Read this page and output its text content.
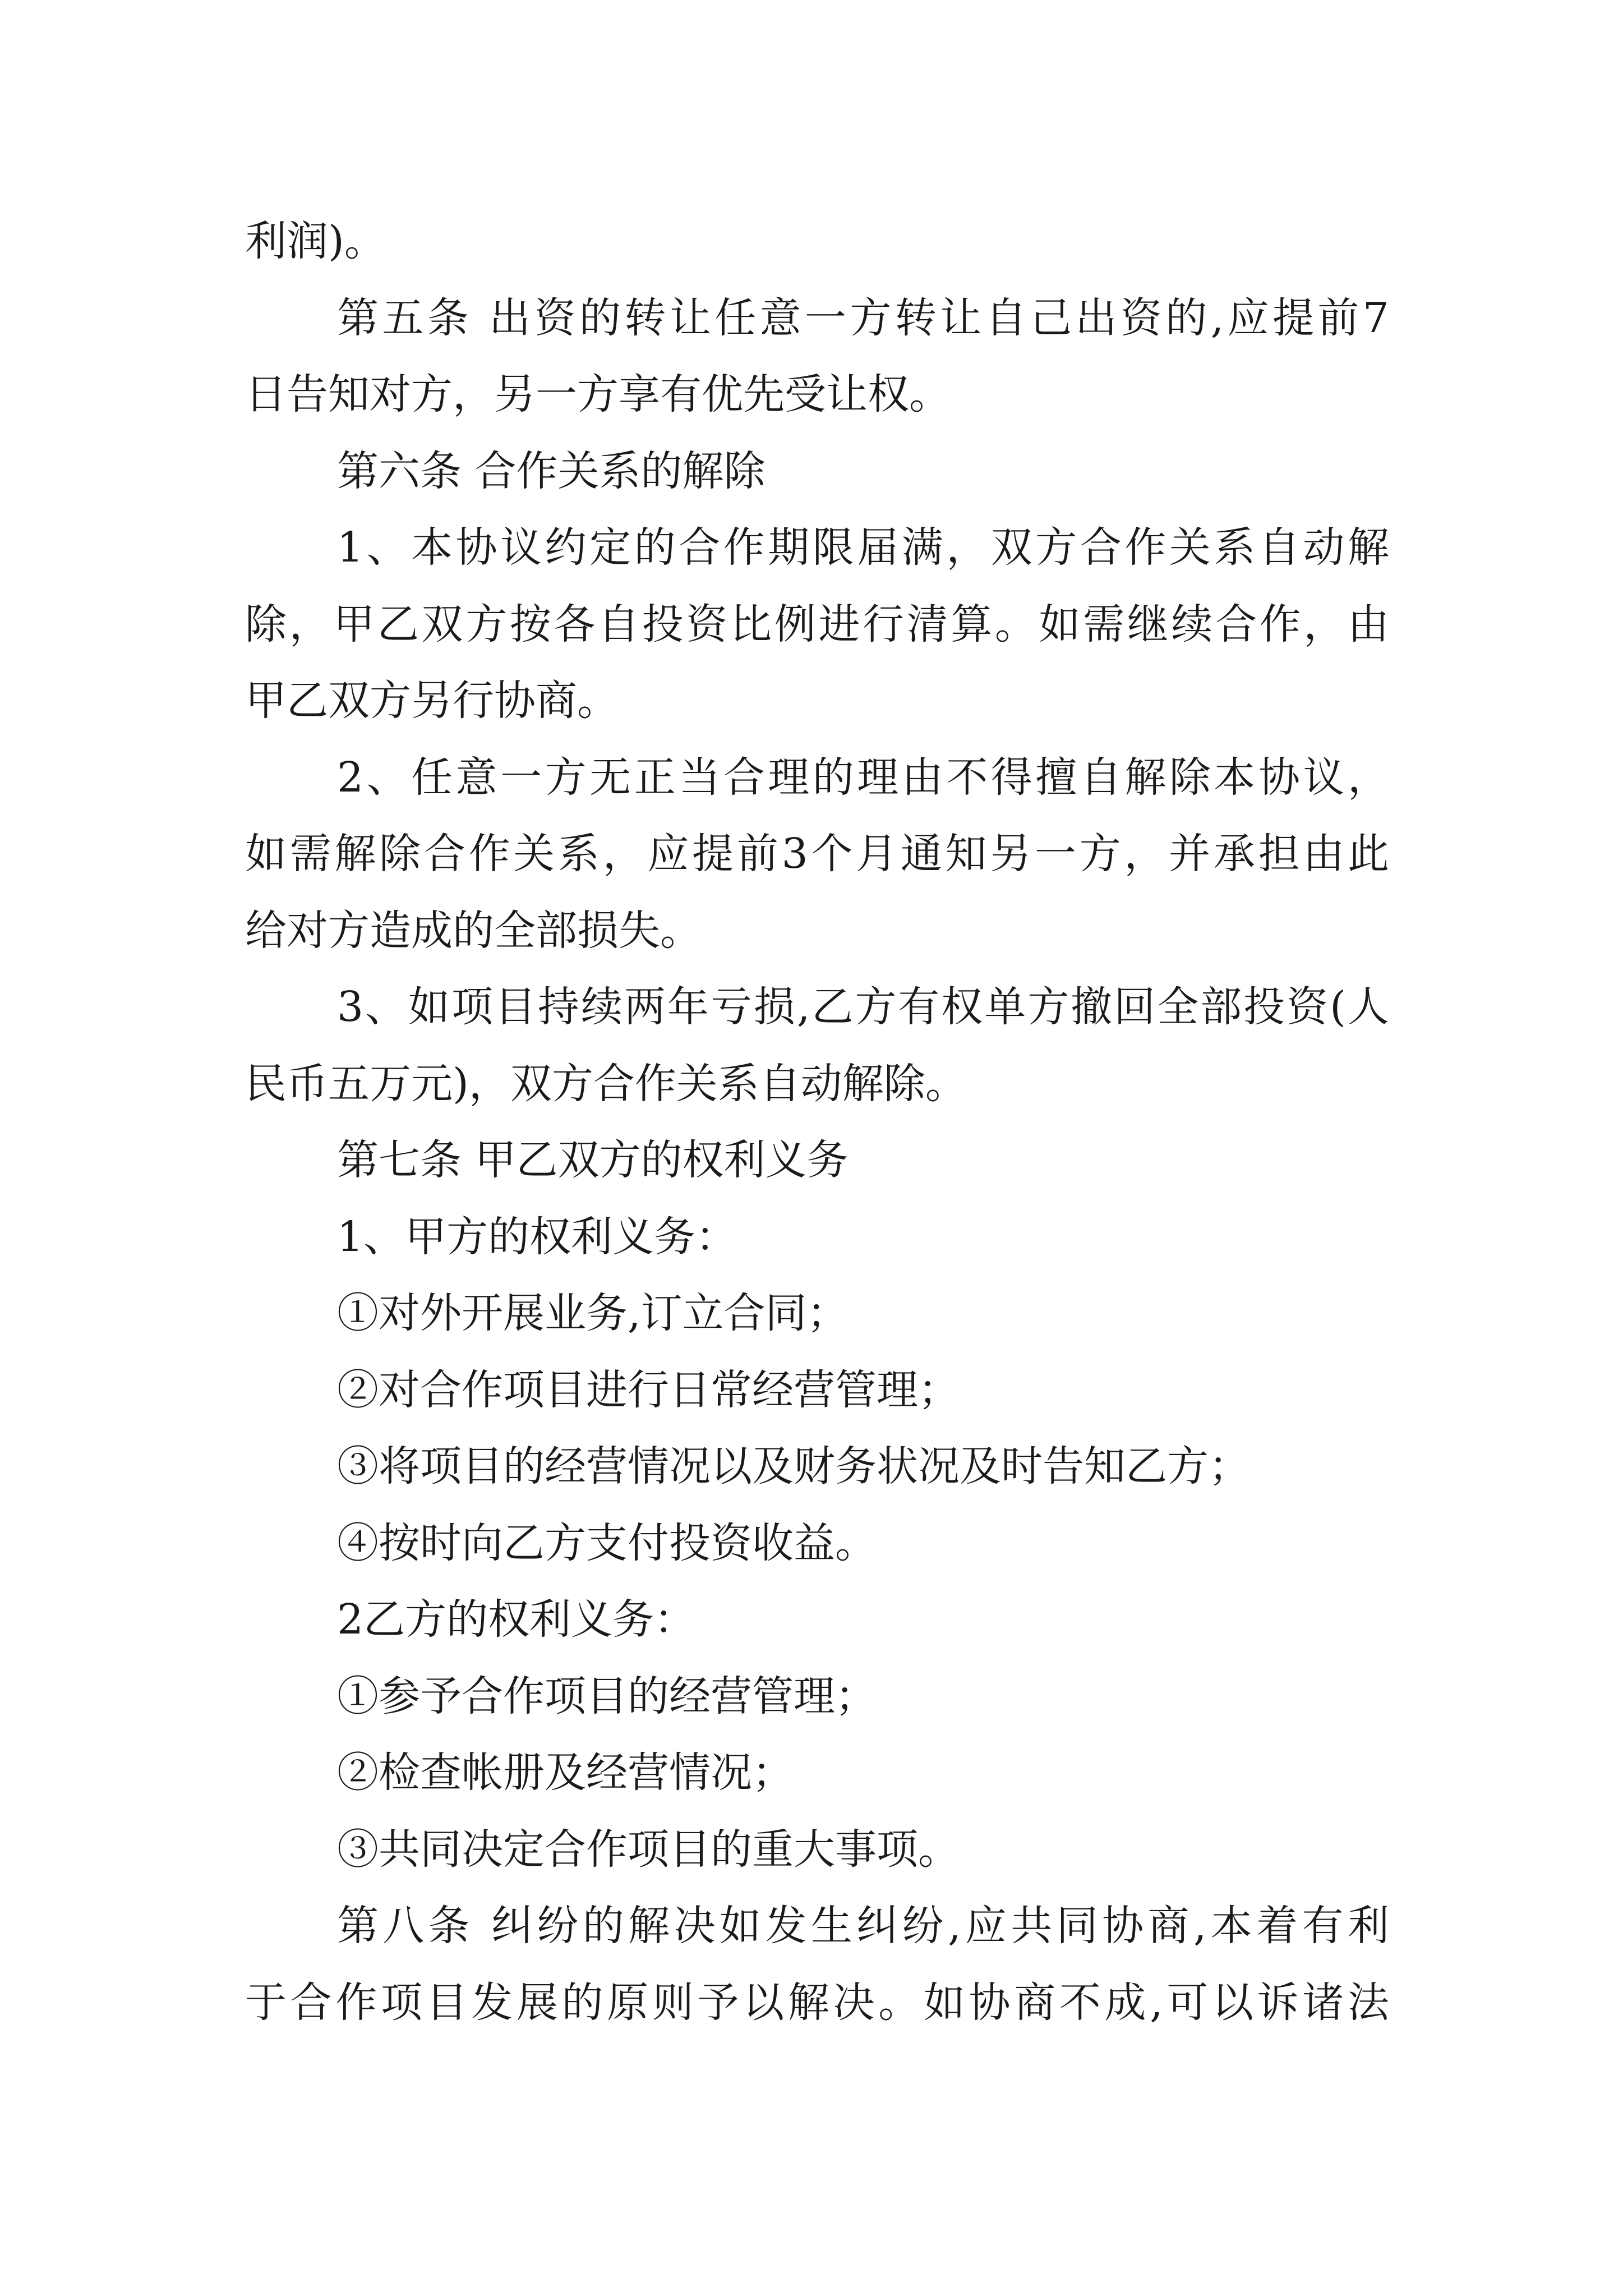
利润)。
第五条 出资的转让任意一方转让自己出资的,应提前7
日告知对方，另一方享有优先受让权。
第六条 合作关系的解除
1、本协议约定的合作期限届满，双方合作关系自动解
除，甲乙双方按各自投资比例进行清算。如需继续合作，由
甲乙双方另行协商。
2、任意一方无正当合理的理由不得擅自解除本协议，
如需解除合作关系，应提前3个月通知另一方，并承担由此
给对方造成的全部损失。
3、如项目持续两年亏损,乙方有权单方撤回全部投资(人
民币五万元)，双方合作关系自动解除。
第七条 甲乙双方的权利义务
1、甲方的权利义务：
①对外开展业务,订立合同；
②对合作项目进行日常经营管理；
③将项目的经营情况以及财务状况及时告知乙方；
④按时向乙方支付投资收益。
2乙方的权利义务：
①参予合作项目的经营管理；
②检查帐册及经营情况；
③共同决定合作项目的重大事项。
第八条 纠纷的解决如发生纠纷,应共同协商,本着有利
于合作项目发展的原则予以解决。如协商不成,可以诉诸法
